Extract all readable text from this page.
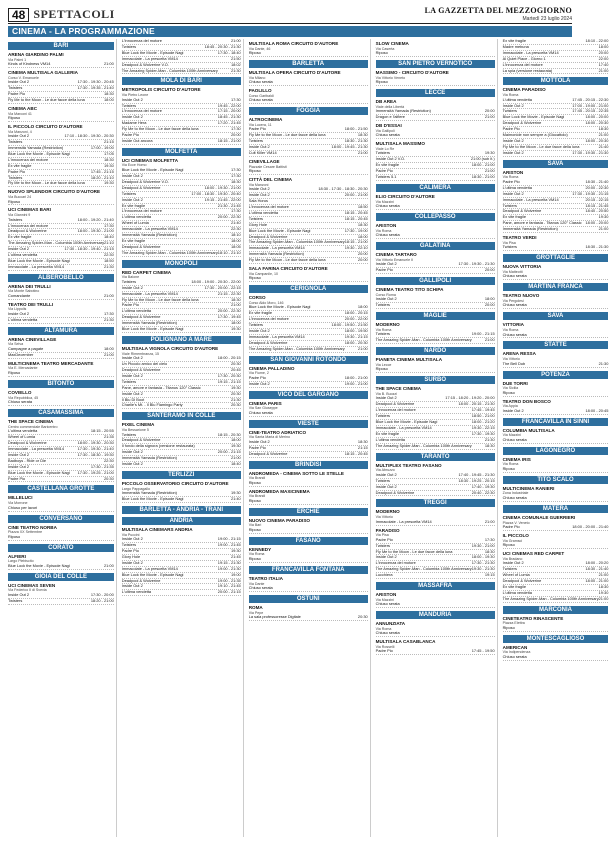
48 SPETTACOLI	LA GAZZETTA DEL MEZZOGIORNO
Martedì 23 luglio 2024
CINEMA - LA PROGRAMMAZIONE
BARI
ARENA GIARDINO PALMI
Via Palmi 1
Kinds of Kindness VM14	21:00
CINEMA MULTISALA GALLERIA
Corso V. Emanuele
Inside Out 2	17:30 - 19:30 - 20:45
Twisters	17:30 - 19:35 - 21:40
Padre Pio	18:30
Fly Me to the Moon - Le due facce della luna	18:00
CINEMA ABC
Via Marconi 41
Riposo
IL PICCOLO CIRCUITO D'AUTORE
Via Manzoni, 4
Inside Out 2	17:10 - 18:30 - 19:30 - 20:30
Twisters	21:15
Immensità Yamada (Restriction)	17:00 - 19:00
Blue Lock the Movie - Episode Nagi	17:05
L'innocenza del motore	18:30
Ex vite fragile	19:30
Padre Pio	17:45 - 21:15
Twisters	18:20 - 21:10
Fly Me to the Moon - Le due facce della luna	19:30
NUOVO SPLENDOR CIRCUITO D'AUTORE
Via Buccari 24
Riposo
UCI CINEMAS BARI
Via Giannini 9
Twisters	18:00 - 19:20 - 21:40
L'innocenza del motore	17:30
Deadpool & Wolverine	18:00 - 19:30 - 21:00
Ex vite fragile	18:40
The Amazing Spider-Man - Columbia 100th Anniversary 21:10
Inside Out 2	17:30 - 18:30 - 19:40 - 21:15
L'ultima vendetta	22:30
Blue Lock the Movie - Episode Nagi	18:50
Immacolate - La prescelta VM14	21:30
ALBEROBELLO
ARENA DEI TRULLI
Via Monte Sabotino
Comandante	21:00
TEATRO DEI TRULLI
Via Lippolis
Inside Out 2	17:30
L'ultima vendetta	21:30
ALTAMURA
ARENA CINEVILLAGE
Via Selva
Campagne a pagate	18:00
MaxDecember	21:00
MULTICINEMA TEATRO MERCADANTE
Via E. Mercadante
Riposo
BITONTO
COVIELLO
Via Repubblica, 45
Chiuso serata
CASAMASSIMA
THE SPACE CINEMA
Centro commerciale Baricentro
L'ultima vendetta	18:15 - 20:55
Wheel of Lumia	21:35
Deadpool & Wolverine	18:00 - 19:30 - 20:30
Immacolate - La prescelta VM14	17:30 - 19:30 - 21:40
Inside Out 2	17:30 - 18:30 - 19:30
Badboys - Ride or Die	22:30
Inside Out 2	17:30 - 21:35
Blue Lock the Movie - Episode Nagi 17:30 - 19:25 - 21:00
Padre Pio	20:30
CASTELLANA GROTTE
MILLELUCI
Via Morrone
Chiuso per lavori
CONVERSANO
CINE TEATRO NORBA
Piazza XX Settembre
Riposo
CORATO
ALFIERI
Largo Plebiscito
Blue Lock the Movie - Episode Nagi	21:00
GIOIA DEL COLLE
UCI CINEMAS SEVEN
Via Federico II di Svevia
Inside Out 2	17:30 - 20:00
Twisters	18:20 - 21:00
L'innocenza del motore	21:00
Twisters	18:45 - 20:30 - 21:30
Blue Lock the Movie - Episode Nagi	17:30 - 18:40
Immacolate - La prescelta VM14	21:50
Deadpool & Wolverine V.O.	18:02
The Amazing Spider-Man - Columbia 100th Anniversary	21:30
MOLA DI BARI
METROPOLIS CIRCUITO D'AUTORE
Via Pietro Leone
Inside Out 2	17:30
Twisters	19:45 - 22:00
L'innocenza del motore	17:15 - 20:00
Inside Out 2	18:45 - 21:30
Madame Hera	17:20 - 21:45
Fly Me to the Moon - Le due facce della luna	17:30
Padre Pio	20:00
Inside Out ancora	18:15 - 21:00
MOLFETTA
UCI CINEMAS MOLFETTA
Via Ecce Homo
Blue Lock the Movie - Episode Nagi	17:30
Inside Out 2	17:30
Deadpool & Wolverine V.O.	18:30
Deadpool & Wolverine	18:00 - 19:30 - 21:00
Twisters	17:00 - 18:30 - 19:30 - 20:40
Inside Out 2	19:15 - 21:45 - 22:00
Ex vite fragile	21:30 - 21:45
L'innocenza del motore	17:30
L'ultima vendetta	20:00 - 22:30
Wheel of Lumia	21:40
Immacolate - La prescelta VM14	22:30
Immensità Yamada (Restriction)	18:10
Ex vite fragile	18:00
Deadpool & Wolverine	18:05
The Amazing Spider-Man - Columbia 100th Anniversary 18:10 - 21:10
MONOPOLI
RED CARPET CINEMA
Via Baione
Twisters	18:00 - 19:00 - 20:30 - 22:00
Inside Out 2	17:30 - 20:00 - 22:15
Immacolate - La prescelta VM14	21:15 - 22:30
Fly Me to the Moon - Le due facce della luna	18:30
Padre Pio	21:00
L'ultima vendetta	20:00 - 22:30
Deadpool & Wolverine	17:30 - 19:45
Immensità Yamada (Restriction)	18:00
Blue Lock the Movie - Episode Nagi	19:30
POLIGNANO A MARE
MULTISALA VIGNOLA CIRCUITO D'AUTORE
Viale Rimembranza, 15
Inside Out 2	18:00 - 20:15
Un Piccolo amico del cielo	20:30
Deadpool & Wolverine	20:45
Inside Out 2	17:30 - 20:30
Twisters	19:15 - 21:15
Pane, amore e fantasia - Titanus 120° Classic	19:30
Inside Out 2	20:30
Il Blu Di Boot	21:30
Charlie's Mt. - Il Blu Flamingo Party	20:30
SANTERAMO IN COLLE
PIXEL CINEMA
Via Bessarione 5
Twisters	18:15 - 20:30
Deadpool & Wolverine	18:00
Il fondo della signora (versione restaurata)	19:30
Inside Out 2	20:00 - 21:15
Immensità Yamada (Restriction)	21:00
Inside Out 2	18:40
TERLIZZI
PICCOLO OSSERVATORIO CIRCUITO D'AUTORE
Largo Pappagallo
Immensità Yamada (Restriction)	19:30
Blue Lock the Movie - Episode Nagi	21:40
BARLETTA - ANDRIA - TRANI
ANDRIA
MULTISALA CINEMARS ANDRIA
Via Puccini
Inside Out 2	19:00 - 21:15
Twisters	19:00 - 21:45
Padre Pio	19:30
Glory Hole	21:45
Inside Out 2	19:15 - 21:30
Immacolate - La prescelta VM14	19:00 - 21:30
Blue Lock the Movie - Episode Nagi	19:00
Deadpool & Wolverine	19:00 - 21:35
Inside Out 2	19:10 - 21:45
L'ultima vendetta	20:00 - 21:15
MULTISALA ROMA CIRCUITO D'AUTORE
Via Dante, 46
Riposo
BARLETTA
MULTISALA OPERA CIRCUITO D'AUTORE
Via Milano
Chiuso serata
PAOLILLO
Corso Garibaldi
Chiuso serata
FOGGIA
ALTROCINEMA
Via Lucera, 11
Padre Pio	18:00 - 21:50
Fly Me to the Moon - Le due facce della luna	18:30
Twisters	18:30 - 21:30
Inside Out 2	18:00 - 19:45 - 21:30
Cult Killer VM14	21:00
CINEVILLAGE
Piazzale Cesare Battisti
Riposo
CITTÀ DEL CINEMA
Via Manzoni
Inside Out 2	18:30 - 17:30 - 18:30 - 20:30
Inside Out 2	20:00 - 21:00
Sala Horus
L'innocenza del motore	18:50
L'ultima vendetta	18:15 - 20:45
Twisters	18:15 - 20:45
Glory Hole	18:30
Blue Lock the Movie - Episode Nagi	17:30 - 19:00
Deadpool & Wolverine	18:00
The Amazing Spider-Man - Columbia 100th Anniversary 18:15 - 21:00
Immacolate - La prescelta VM14	19:30 - 22:10
Immensità Yamada (Restriction)	20:00
Fly Me to the Moon - Le due facce della luna	20:00
SALA FARINA CIRCUITO D'AUTORE
Via Campanile, 10
Riposo
CERIGNOLA
CORSO
Corso Aldo Moro, 146
Blue Lock the Movie - Episode Nagi	18:00
Ex vite fragile	18:00 - 20:15
L'innocenza del motore	20:00 - 22:00
Twisters	18:00 - 19:50 - 21:50
Inside Out 2	18:00 - 19:50
Immacolate - La prescelta VM14	19:30 - 21:15
Deadpool & Wolverine	18:00 - 20:30
The Amazing Spider-Man - Columbia 100th Anniversary	21:00
SAN GIOVANNI ROTONDO
CINEMA PALLADINO
Via Fiume, 2
Padre Pio	18:00 - 21:00
Inside Out 2	19:00 - 21:00
VICO DEL GARGANO
CINEMA PARIS
Via San Giuseppe
Chiuso serata
VIESTE
CINE-TEATRO ADRIATICO
Via Santa Maria di Merino
Inside Out 2	18:30
Padre Pio	21:15
Deadpool & Wolverine	18:15 - 20:45
BRINDISI
ANDROMEDA - CINEMA SOTTO LE STELLE
Via Brandi
Riposo
ANDROMEDA MAXICINEMA
Via Brandi
Riposo
ERCHIE
NUOVO CINEMA PARADISO
Via Bari
Riposo
FASANO
KENNEDY
Via Roma
Riposo
FRANCAVILLA FONTANA
TEATRO ITALIA
Via Dante
Chiuso serata
OSTUNI
ROMA
Via Pepe
La sala professoresse Digitale	20:30
SLOW CINEMA
Via Caserta
Riposo
SAN PIETRO VERNOTICO
MASSIMO - CIRCUITO D'AUTORE
Via Vittorio Veneto
Riposo
LECCE
DB AREA
Viale della Libertà
Immensità Yamada (Restriction)	20:00
Dragon e l'alfiere	21:00
DB D'ESSAI
Via Gallipoli
Chiuso serata
MULTISALA MASSIMO
Viale Lo Re
Twisters	19:30
Inside Out 2 V.O.	21:00 (sub it.)
Ex vite fragile	18:00 - 21:00
Padre Pio	21:00
Twisters 5.1	18:30 - 21:00
CALIMERA
ELIO CIRCUITO D'AUTORE
Via Mazzini
Chiuso serata
COLLEPASSO
ARISTON
Via Roma
Chiuso serata
GALATINA
CINEMA TARTARO
Via Vittorio Emanuele II
Inside Out 2	17:30 - 19:30 - 21:30
Padre Pio	20:00
GALLIPOLI
CINEMA TEATRO TITO SCHIPA
Corso Roma
Inside Out 2	18:00
Twisters	20:00
MAGLIE
MODERNO
Via Roma
Twisters	19:00 - 21:15
The Amazing Spider-Man - Columbia 100th Anniversary	21:00
NARDÒ
PIANETA CINEMA MULTISALA
Via Lecce
Riposo
SURBO
THE SPACE CINEMA
Via B. Buozzi
Inside Out 2	17:15 - 18:20 - 19:20 - 20:00
Deadpool & Wolverine	18:00 - 20:15 - 21:30
L'innocenza del motore	17:45 - 19:45
Twisters	18:50 - 21:00
Blue Lock the Movie - Episode Nagi	18:00 - 21:20
Immacolate - La prescelta VM14	19:30 - 22:15
Ex vite fragile	17:30 - 19:30
L'ultima vendetta	21:30
The Amazing Spider-Man - Columbia 100th Anniversary	18:30
TARANTO
MULTIPLEX TEATRO FASANO
Via Abruzzo
Inside Out 2	17:40 - 19:45 - 21:30
Twisters	18:30 - 19:25 - 20:15
Inside Out 2	17:40 - 19:30
Deadpool & Wolverine	20:40 - 22:30
TREGGI
MODERNO
Via Vittorio
Immacolate - La prescelta VM14	21:00
PARADISO
Via Pisa
Padre Pio	17:30
Twisters	19:30 - 21:00
Fly Me to the Moon - Le due facce della luna	18:30
Inside Out 2	18:00 - 19:30
L'innocenza del motore	17:30 - 21:30
The Amazing Spider-Man - Columbia 100th Anniversary 19:30 - 21:30
Lucchiera	19:15
MASSAFRA
ARISTON
Via Mazzini
Chiuso serata
MANDURIA
ANNUNZIATA
Via Roma
Chiuso serata
MULTISALA CASABLANCA
Via Rosselli
Padre Pio	17:45 - 19:50
Ex vite fragile	18:10 - 22:00
Madre mebuna	18:00
Immacolate - La prescelta VM14	20:00
Al Quiet Place - Giorno 1	22:00
L'innocenza del motore	17:40
La spia (versione restaurata)	21:00
MOTTOLA
CINEMA PARADISO
Via Roma
L'ultima vendetta	17:45 - 20:15 - 22:30
Inside Out 2	17:00 - 19:00 - 21:00
Twisters	17:45 - 20:15 - 22:35
Blue Lock the Movie - Episode Nagi	18:00 - 20:00
Deadpool & Wolverine	18:00 - 20:30
Padre Pio	18:30
Maimonide non sempre a (Giocattolo)	21:00
Inside Out 2	18:00 - 20:30
Fly Me to the Moon - Le due facce della luna	21:40
Inside Out 2	17:30 - 19:30 - 21:30
SAVA
ARISTON
Via Roma
Padre Pio	18:30 - 21:40
L'ultima vendetta	20:00 - 22:30
Inside Out 2	17:30 - 19:30 - 21:15
Immacolate - La prescelta VM14	20:15 - 22:15
Twisters	18:15 - 21:45
Deadpool & Wolverine	18:40 - 20:50
Ex vite fragile	19:30
Pane, amore e fantasia - Titanus 120° Classic 18:00 - 20:00
Immensità Yamada (Restriction)	21:00
TEATRO VERDI
Via Pisa
Twisters	18:30 - 21:30
GROTTAGLIE
NUOVA VITTORIA
Via Matteotti
Chiuso serata
MARTINA FRANCA
TEATRO NUOVO
Via Pergolesi
Chiuso serata
SAVA
VITTORIA
Via Roma
Chiuso serata
STATTE
ARENA RESSA
Via Vittorio
The Bell Dub	21:30
POTENZA
DUE TORRI
Via Sicilia
Riposo
TEATRO DON BOSCO
Via Appia
Inside Out 2	18:00 - 20:45
FRANCAVILLA IN SINNI
COLUMBIA MULTISALA
Via Mazzini
Chiuso serata
LAGONEGRO
CINEMA IRIS
Via Roma
Riposo
TITO SCALO
MULTICINEMA RANIERI
Zona Industriale
Chiuso serata
MATERA
CINEMA COMUNALE GUERRIERI
Piazza V. Veneto
Padre Pio	18:00 - 20:00 - 21:40
IL PICCOLO
Via Gramsci
Riposo
UCI CINEMAS RED CARPET
Via Bradano
Inside Out 2	18:00 - 20:20
Twisters	18:30 - 21:40
Wheel of Lumia	21:00
Deadpool & Wolverine	18:00 - 21:00
Ex vite fragile	18:30
L'ultima vendetta	19:30
The Amazing Spider-Man - Columbia 100th Anniversary 21:00
MARCONIA
CINETEATRO RINASCENTE
Piazza Elettra
Riposo
MONTESCAGLIOSO
AMERICAN
Via Indipendenza
Chiuso serata
